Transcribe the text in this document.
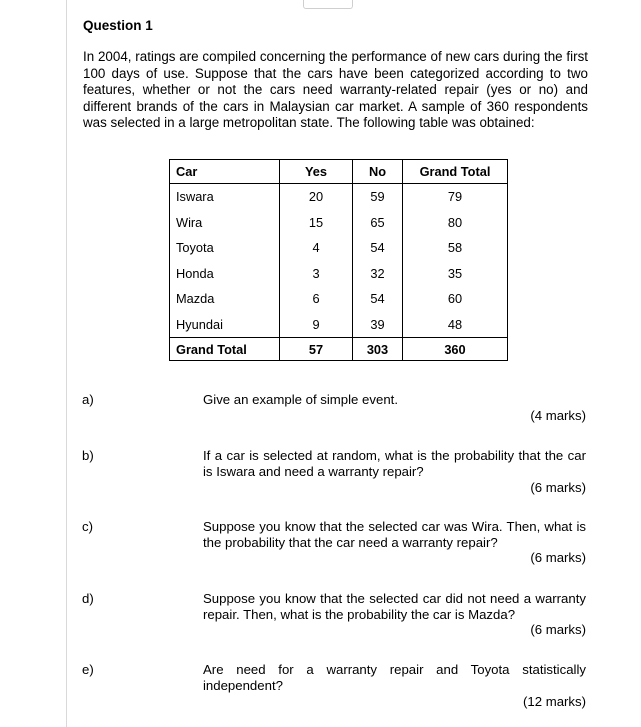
Question 1

In 2004, ratings are compiled concerning the performance of new cars during the first 100 days of use. Suppose that the cars have been categorized according to two features, whether or not the cars need warranty-related repair (yes or no) and different brands of the cars in Malaysian car market. A sample of 360 respondents was selected in a large metropolitan state. The following table was obtained:

Car	Yes	No	Grand Total
Iswara	20	59	79
Wira	15	65	80
Toyota	4	54	58
Honda	3	32	35
Mazda	6	54	60
Hyundai	9	39	48
Grand Total	57	303	360
a)	Give an example of simple event.
(4 marks)
b)	If a car is selected at random, what is the probability that the car is Iswara and need a warranty repair?
(6 marks)
c)	Suppose you know that the selected car was Wira. Then, what is the probability that the car need a warranty repair?
(6 marks)
d)	Suppose you know that the selected car did not need a warranty repair. Then, what is the probability the car is Mazda?
(6 marks)
e)	Are need for a warranty repair and Toyota statistically independent?
(12 marks)
